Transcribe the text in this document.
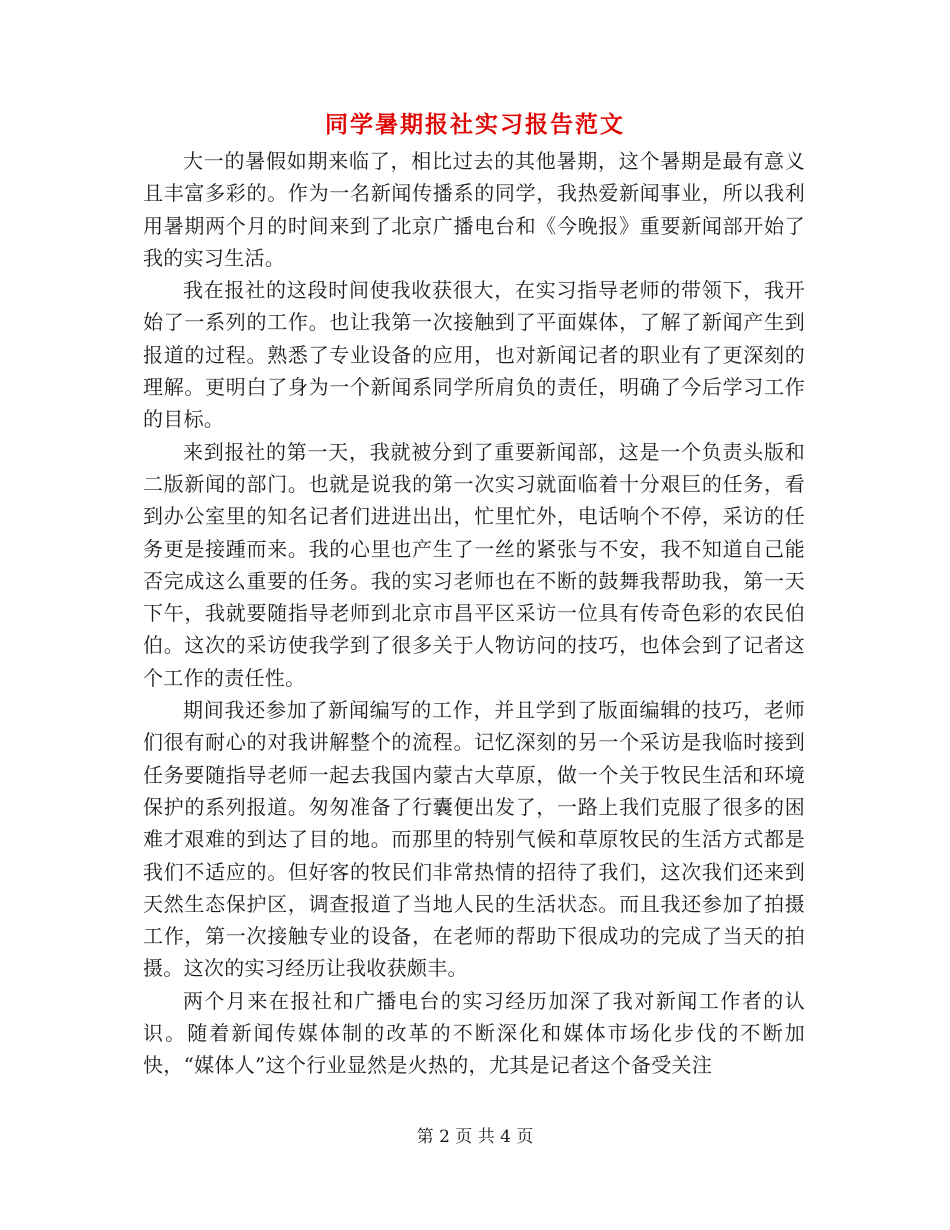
同学暑期报社实习报告范文

大一的暑假如期来临了，相比过去的其他暑期，这个暑期是最有意义且丰富多彩的。作为一名新闻传播系的同学，我热爱新闻事业，所以我利用暑期两个月的时间来到了北京广播电台和《今晚报》重要新闻部开始了我的实习生活。

我在报社的这段时间使我收获很大，在实习指导老师的带领下，我开始了一系列的工作。也让我第一次接触到了平面媒体，了解了新闻产生到报道的过程。熟悉了专业设备的应用，也对新闻记者的职业有了更深刻的理解。更明白了身为一个新闻系同学所肩负的责任，明确了今后学习工作的目标。

来到报社的第一天，我就被分到了重要新闻部，这是一个负责头版和二版新闻的部门。也就是说我的第一次实习就面临着十分艰巨的任务，看到办公室里的知名记者们进进出出，忙里忙外，电话响个不停，采访的任务更是接踵而来。我的心里也产生了一丝的紧张与不安，我不知道自己能否完成这么重要的任务。我的实习老师也在不断的鼓舞我帮助我，第一天下午，我就要随指导老师到北京市昌平区采访一位具有传奇色彩的农民伯伯。这次的采访使我学到了很多关于人物访问的技巧，也体会到了记者这个工作的责任性。

期间我还参加了新闻编写的工作，并且学到了版面编辑的技巧，老师们很有耐心的对我讲解整个的流程。记忆深刻的另一个采访是我临时接到任务要随指导老师一起去我国内蒙古大草原，做一个关于牧民生活和环境保护的系列报道。匆匆准备了行囊便出发了，一路上我们克服了很多的困难才艰难的到达了目的地。而那里的特别气候和草原牧民的生活方式都是我们不适应的。但好客的牧民们非常热情的招待了我们，这次我们还来到天然生态保护区，调查报道了当地人民的生活状态。而且我还参加了拍摄工作，第一次接触专业的设备，在老师的帮助下很成功的完成了当天的拍摄。这次的实习经历让我收获颇丰。

两个月来在报社和广播电台的实习经历加深了我对新闻工作者的认识。随着新闻传媒体制的改革的不断深化和媒体市场化步伐的不断加快，“媒体人”这个行业显然是火热的，尤其是记者这个备受关注

第 2 页 共 4 页
